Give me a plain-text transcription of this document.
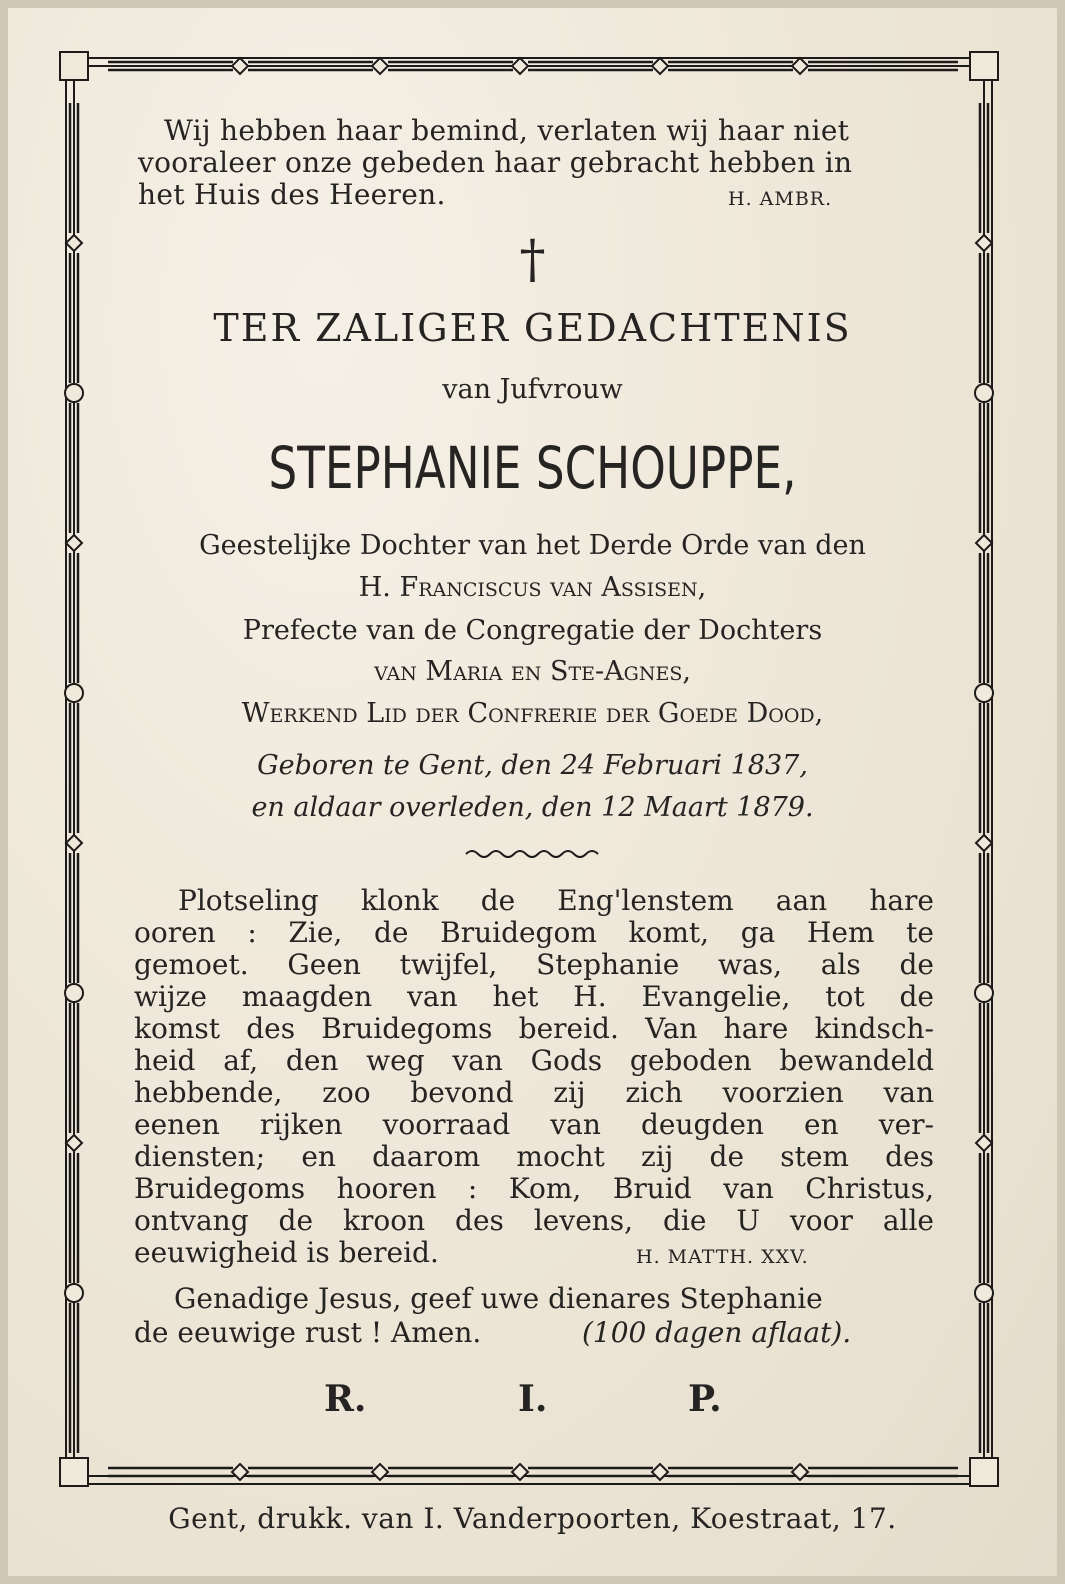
Wij hebben haar bemind, verlaten wij haar niet
vooraleer onze gebeden haar gebracht hebben in
het Huis des Heeren.	H. AMBR.
†
TER ZALIGER GEDACHTENIS
van Jufvrouw
STEPHANIE SCHOUPPE,
Geestelijke Dochter van het Derde Orde van den
H. Franciscus van Assisen,
Prefecte van de Congregatie der Dochters
van Maria en Ste-Agnes,
Werkend Lid der Confrerie der Goede Dood,
Geboren te Gent, den 24 Februari 1837,
en aldaar overleden, den 12 Maart 1879.
Plotseling klonk de Eng'lenstem aan hare
ooren : Zie, de Bruidegom komt, ga Hem te
gemoet. Geen twijfel, Stephanie was, als de
wijze maagden van het H. Evangelie, tot de
komst des Bruidegoms bereid. Van hare kindsch-
heid af, den weg van Gods geboden bewandeld
hebbende, zoo bevond zij zich voorzien van
eenen rijken voorraad van deugden en ver-
diensten; en daarom mocht zij de stem des
Bruidegoms hooren : Kom, Bruid van Christus,
ontvang de kroon des levens, die U voor alle
eeuwigheid is bereid.	H. MATTH. XXV.
Genadige Jesus, geef uwe dienares Stephanie
de eeuwige rust ! Amen.	(100 dagen aflaat).
R.	I.	P.
Gent, drukk. van I. Vanderpoorten, Koestraat, 17.
